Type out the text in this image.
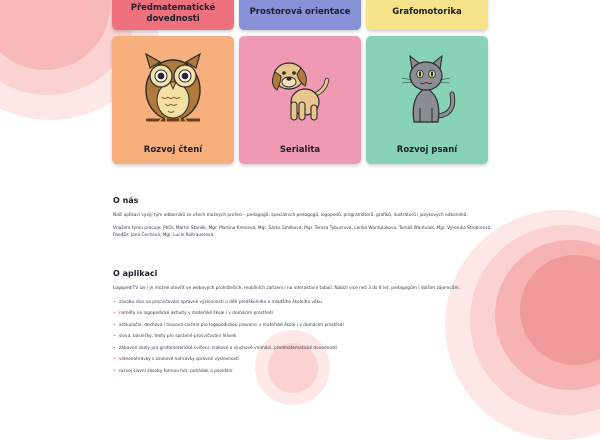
Předmatematické dovednosti
Prostorová orientace	Grafomotorika
Rozvoj čtení	Serialita	Rozvoj psaní
O nás

Naši aplikaci vyvíjí tým odborníků ze všech možných profesí – pedagogů, speciálních pedagogů, logopedů, programátorů, grafiků, ilustrátorů i jazykových odborníků.

Vnašem týmu pracuje: PhDr. Martin Staněk, Mgr. Martina Kreslová, Mgr. Šárka Smílková, Mgr. Tereza Tyburcová, Lenka Wantulokova, Tomáš Wantulok, Mgr. Vyronika Strobinová, PaedDr. Jana Čechová, Mgr. Lucie Koltrauerová.

O aplikaci

LogopediTV lze i je možné otevřít ve webových prohlížečích, mobilních zařízení i na interaktivní tabuli. Nabízí více než 3 do 8 let, pedagogům i dalším zájemcům.

• zásobu slov na procvičování správné výslovnosti u dětí předškolního a mladšího školního věku
• náměty na logopedické aktivity v mateřské škole i v domácím prostředí
• artikulační, dechová i hlasová cvičení pro logopedickou prevenci v mateřské škole i v domácím prostředí
• slova, básničky, texty pro správné procvičování hlásek
• zábavné úkoly pro grafomotorické cvičení, zrakové a sluchové vnímání, předmatematické dovednosti
• videonahrávky s zvukové nahrávky správné výslovnosti
• rozvoj slovní zásoby formou her, pohádek a povídání
